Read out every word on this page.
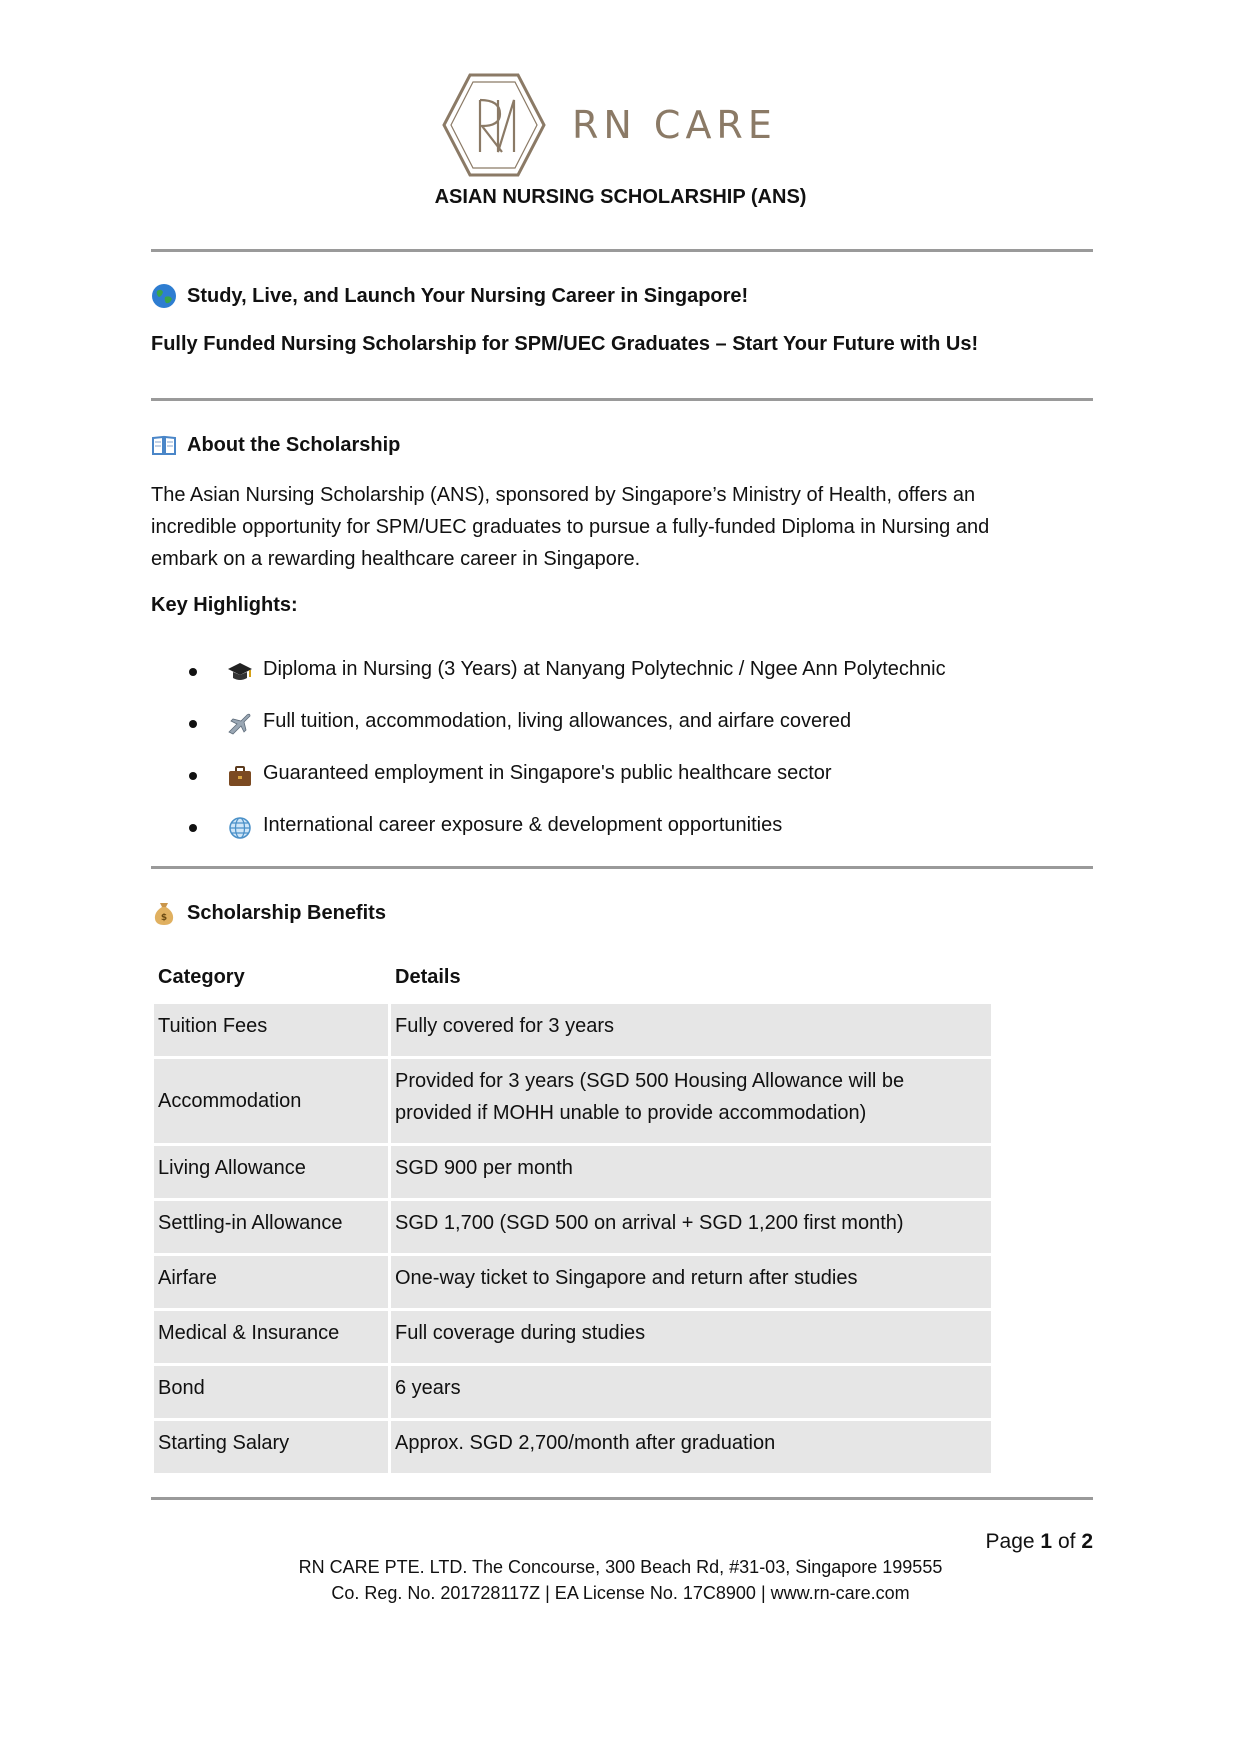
RN CARE
ASIAN NURSING SCHOLARSHIP (ANS)
Study, Live, and Launch Your Nursing Career in Singapore!
Fully Funded Nursing Scholarship for SPM/UEC Graduates – Start Your Future with Us!
About the Scholarship
The Asian Nursing Scholarship (ANS), sponsored by Singapore’s Ministry of Health, offers an
incredible opportunity for SPM/UEC graduates to pursue a fully-funded Diploma in Nursing and
embark on a rewarding healthcare career in Singapore.
Key Highlights:
Diploma in Nursing (3 Years) at Nanyang Polytechnic / Ngee Ann Polytechnic
Full tuition, accommodation, living allowances, and airfare covered
Guaranteed employment in Singapore's public healthcare sector
International career exposure & development opportunities
$ Scholarship Benefits
Category	Details
Tuition Fees	Fully covered for 3 years
Accommodation	Provided for 3 years (SGD 500 Housing Allowance will be
provided if MOHH unable to provide accommodation)

Living Allowance	SGD 900 per month
Settling-in Allowance	SGD 1,700 (SGD 500 on arrival + SGD 1,200 first month)
Airfare	One-way ticket to Singapore and return after studies
Medical & Insurance	Full coverage during studies
Bond	6 years
Starting Salary	Approx. SGD 2,700/month after graduation
Page 1 of 2
RN CARE PTE. LTD. The Concourse, 300 Beach Rd, #31-03, Singapore 199555
Co. Reg. No. 201728117Z | EA License No. 17C8900 | www.rn-care.com
